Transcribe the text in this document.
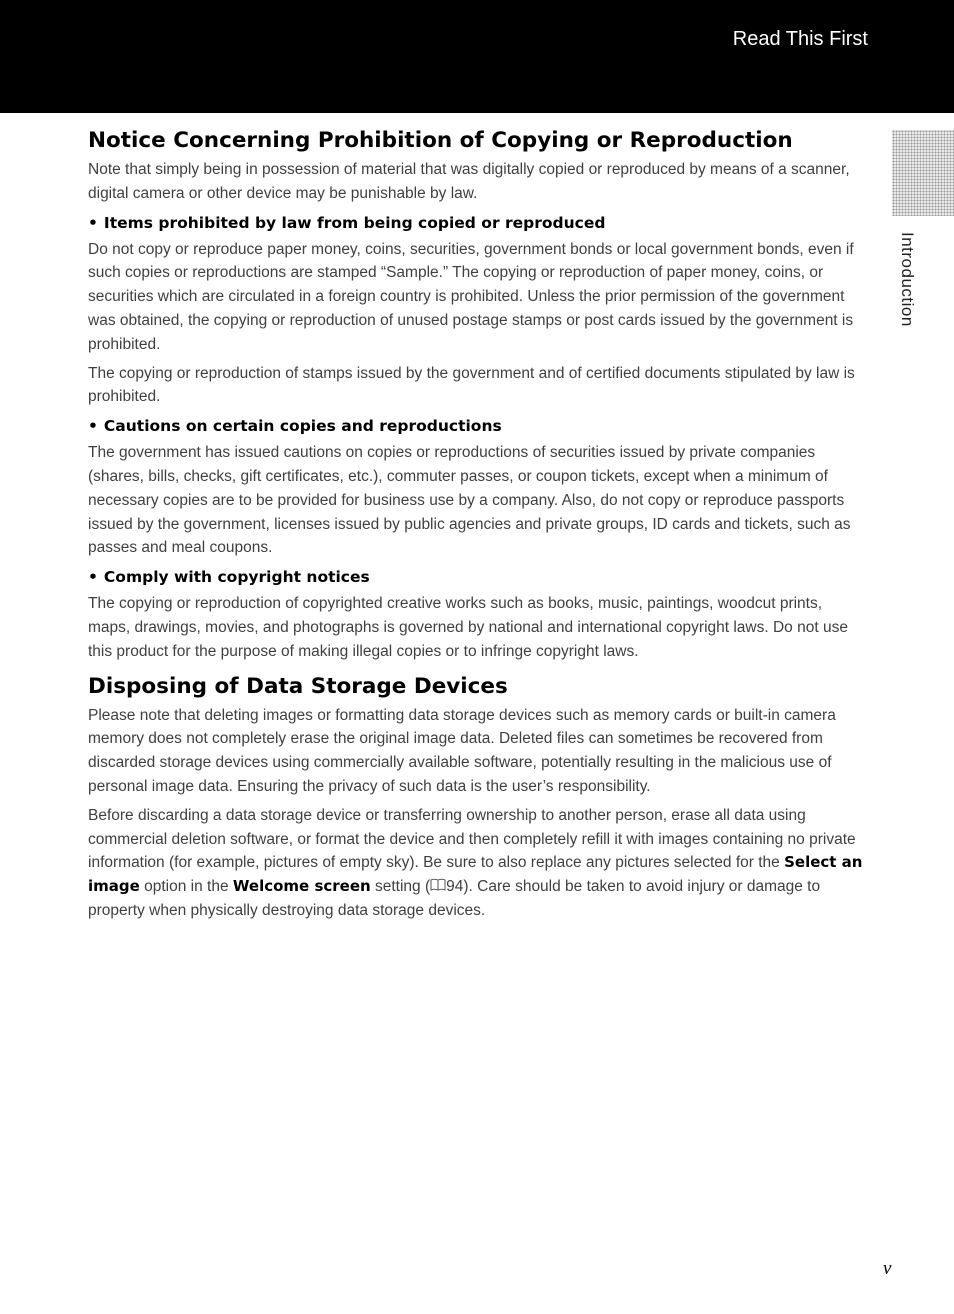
Read This First
Introduction
Notice Concerning Prohibition of Copying or Reproduction

Note that simply being in possession of material that was digitally copied or reproduced by means of a scanner, digital camera or other device may be punishable by law.

• Items prohibited by law from being copied or reproduced

Do not copy or reproduce paper money, coins, securities, government bonds or local government bonds, even if such copies or reproductions are stamped “Sample.” The copying or reproduction of paper money, coins, or securities which are circulated in a foreign country is prohibited. Unless the prior permission of the government was obtained, the copying or reproduction of unused postage stamps or post cards issued by the government is prohibited.

The copying or reproduction of stamps issued by the government and of certified documents stipulated by law is prohibited.

• Cautions on certain copies and reproductions

The government has issued cautions on copies or reproductions of securities issued by private companies (shares, bills, checks, gift certificates, etc.), commuter passes, or coupon tickets, except when a minimum of necessary copies are to be provided for business use by a company. Also, do not copy or reproduce passports issued by the government, licenses issued by public agencies and private groups, ID cards and tickets, such as passes and meal coupons.

• Comply with copyright notices

The copying or reproduction of copyrighted creative works such as books, music, paintings, woodcut prints, maps, drawings, movies, and photographs is governed by national and international copyright laws. Do not use this product for the purpose of making illegal copies or to infringe copyright laws.

Disposing of Data Storage Devices

Please note that deleting images or formatting data storage devices such as memory cards or built-in camera memory does not completely erase the original image data. Deleted files can sometimes be recovered from discarded storage devices using commercially available software, potentially resulting in the malicious use of personal image data. Ensuring the privacy of such data is the user’s responsibility.

Before discarding a data storage device or transferring ownership to another person, erase all data using commercial deletion software, or format the device and then completely refill it with images containing no private information (for example, pictures of empty sky). Be sure to also replace any pictures selected for the Select an image option in the Welcome screen setting ( 94). Care should be taken to avoid injury or damage to property when physically destroying data storage devices.

v
